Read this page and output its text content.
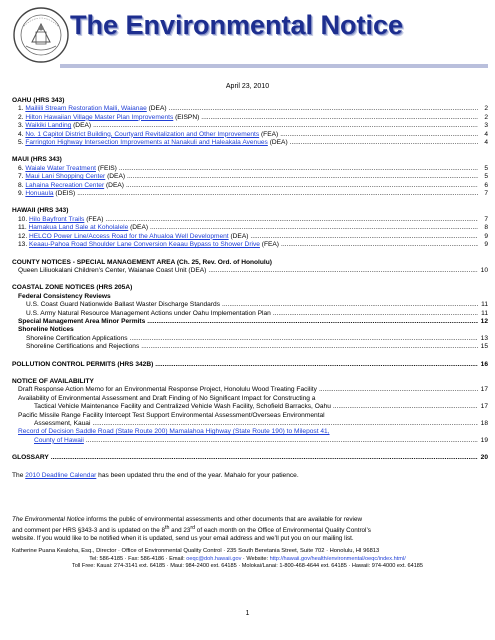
The Environmental Notice
April 23, 2010
OAHU (HRS 343)
1. Mailiili Stream Restoration Maili, Waianae (DEA) .....	2
2. Hilton Hawaiian Village Master Plan Improvements (EISPN) .....	2
3. Waikiki Landing (DEA) .....	3
4. No. 1 Capitol District Building, Courtyard Revitalization and Other Improvements (FEA) .....	4
5. Farrington Highway Intersection Improvements at Nanakuli and Haleakala Avenues (DEA) .....	4
MAUI (HRS 343)
6. Waiale Water Treatment (FEIS) .....	5
7. Maui Lani Shopping Center (DEA) .....	5
8. Lahaina Recreation Center (DEA) .....	6
9. Honuaula (DEIS) .....	7
HAWAII (HRS 343)
10. Hilo Bayfront Trails (FEA) .....	7
11. Hamakua Land Sale at Koholalele (DEA) .....	8
12. HELCO Power Line/Access Road for the Ahualoa Well Development (DEA) .....	9
13. Keaau-Pahoa Road Shoulder Lane Conversion Keaau Bypass to Shower Drive (FEA) .....	9
COUNTY NOTICES - SPECIAL MANAGEMENT AREA (Ch. 25, Rev. Ord. of Honolulu)
Queen Liliuokalani Children’s Center, Waianae Coast Unit (DEA) .....	10
COASTAL ZONE NOTICES (HRS 205A)
Federal Consistency Reviews
U.S. Coast Guard Nationwide Ballast Waster Discharge Standards .....	11
U.S. Army Natural Resource Management Actions under Oahu Implementation Plan .....	11
Special Management Area Minor Permits .....	12
Shoreline Notices
Shoreline Certification Applications .....	13
Shoreline Certifications and Rejections .....	15
POLLUTION CONTROL PERMITS (HRS 342B) .....	16
NOTICE OF AVAILABILITY
Draft Response Action Memo for an Environmental Response Project, Honolulu Wood Treating Facility .....	17
Availability of Environmental Assessment and Draft Finding of No Significant Impact for Constructing a
Tactical Vehicle Maintenance Facility and Centralized Vehicle Wash Facility, Schofield Barracks, Oahu .....	17
Pacific Missile Range Facility Intercept Test Support Environmental Assessment/Overseas Environmental
Assessment, Kauai .....	18
Record of Decision Saddle Road (State Route 200) Mamalahoa Highway (State Route 190) to Milepost 41,
County of Hawaii .....	19
GLOSSARY .....	20
The 2010 Deadline Calendar has been updated thru the end of the year. Mahalo for your patience.
The Environmental Notice informs the public of environmental assessments and other documents that are available for review
and comment per HRS §343-3 and is updated on the 8th and 23rd of each month on the Office of Environmental Quality Control’s
website. If you would like to be notified when it is updated, send us your email address and we’ll put you on our mailing list.
Katherine Puana Kealoha, Esq., Director · Office of Environmental Quality Control · 235 South Beretania Street, Suite 702 · Honolulu, HI 96813
Tel: 586-4185 · Fax: 586-4186 · Email: oeqc@doh.hawaii.gov · Website: http://hawaii.gov/health/environmental/oeqc/index.html/
Toll Free: Kauai: 274-3141 ext. 64185 · Maui: 984-2400 ext. 64185 · Molokai/Lanai: 1-800-468-4644 ext. 64185 · Hawaii: 974-4000 ext. 64185
1
